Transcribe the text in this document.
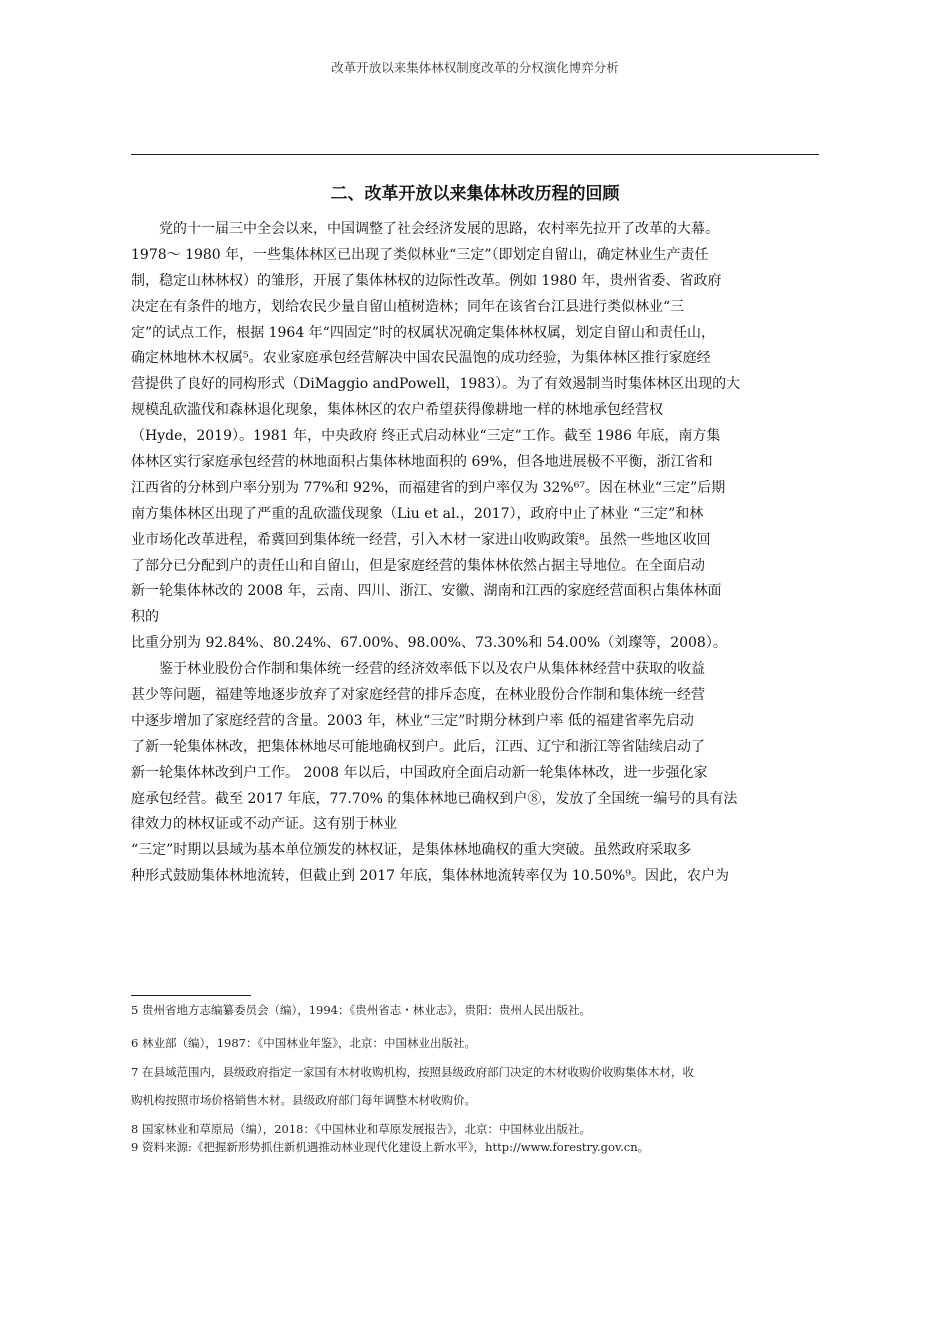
改革开放以来集体林权制度改革的分权演化博弈分析
二、改革开放以来集体林改历程的回顾
党的十一届三中全会以来，中国调整了社会经济发展的思路，农村率先拉开了改革的大幕。
1978～ 1980 年，一些集体林区已出现了类似林业“三定”（即划定自留山，确定林业生产责任
制，稳定山林林权）的雏形，开展了集体林权的边际性改革。例如 1980 年，贵州省委、省政府
决定在有条件的地方，划给农民少量自留山植树造林；同年在该省台江县进行类似林业“三
定”的试点工作，根据 1964 年“四固定”时的权属状况确定集体林权属，划定自留山和责任山，
确定林地林木权属⁵。农业家庭承包经营解决中国农民温饱的成功经验，为集体林区推行家庭经
营提供了良好的同构形式（DiMaggio andPowell，1983）。为了有效遏制当时集体林区出现的大
规模乱砍滥伐和森林退化现象，集体林区的农户希望获得像耕地一样的林地承包经营权
（Hyde，2019）。1981 年，中央政府 终正式启动林业“三定”工作。截至 1986 年底，南方集
体林区实行家庭承包经营的林地面积占集体林地面积的 69%，但各地进展极不平衡，浙江省和
江西省的分林到户率分别为 77%和 92%，而福建省的到户率仅为 32%⁶⁷。因在林业“三定”后期
南方集体林区出现了严重的乱砍滥伐现象（Liu et al.，2017），政府中止了林业 “三定”和林
业市场化改革进程，希冀回到集体统一经营，引入木材一家进山收购政策⁸。虽然一些地区收回
了部分已分配到户的责任山和自留山，但是家庭经营的集体林依然占据主导地位。在全面启动
新一轮集体林改的 2008 年，云南、四川、浙江、安徽、湖南和江西的家庭经营面积占集体林面
积的
比重分别为 92.84%、80.24%、67.00%、98.00%、73.30%和 54.00%（刘璨等，2008）。
鉴于林业股份合作制和集体统一经营的经济效率低下以及农户从集体林经营中获取的收益
甚少等问题，福建等地逐步放弃了对家庭经营的排斥态度，在林业股份合作制和集体统一经营
中逐步增加了家庭经营的含量。2003 年，林业“三定”时期分林到户率 低的福建省率先启动
了新一轮集体林改，把集体林地尽可能地确权到户。此后，江西、辽宁和浙江等省陆续启动了
新一轮集体林改到户工作。 2008 年以后，中国政府全面启动新一轮集体林改，进一步强化家
庭承包经营。截至 2017 年底，77.70% 的集体林地已确权到户⑧，发放了全国统一编号的具有法
律效力的林权证或不动产证。这有别于林业
“三定”时期以县域为基本单位颁发的林权证，是集体林地确权的重大突破。虽然政府采取多
种形式鼓励集体林地流转，但截止到 2017 年底，集体林地流转率仅为 10.50%⁹。因此，农户为
5 贵州省地方志编纂委员会（编），1994：《贵州省志・林业志》，贵阳：贵州人民出版社。
6 林业部（编），1987：《中国林业年鉴》，北京：中国林业出版社。
7 在县域范围内，县级政府指定一家国有木材收购机构，按照县级政府部门决定的木材收购价收购集体木材，收
购机构按照市场价格销售木材。县级政府部门每年调整木材收购价。
8 国家林业和草原局（编），2018：《中国林业和草原发展报告》，北京：中国林业出版社。
9 资料来源:《把握新形势抓住新机遇推动林业现代化建设上新水平》，http://www.forestry.gov.cn。
